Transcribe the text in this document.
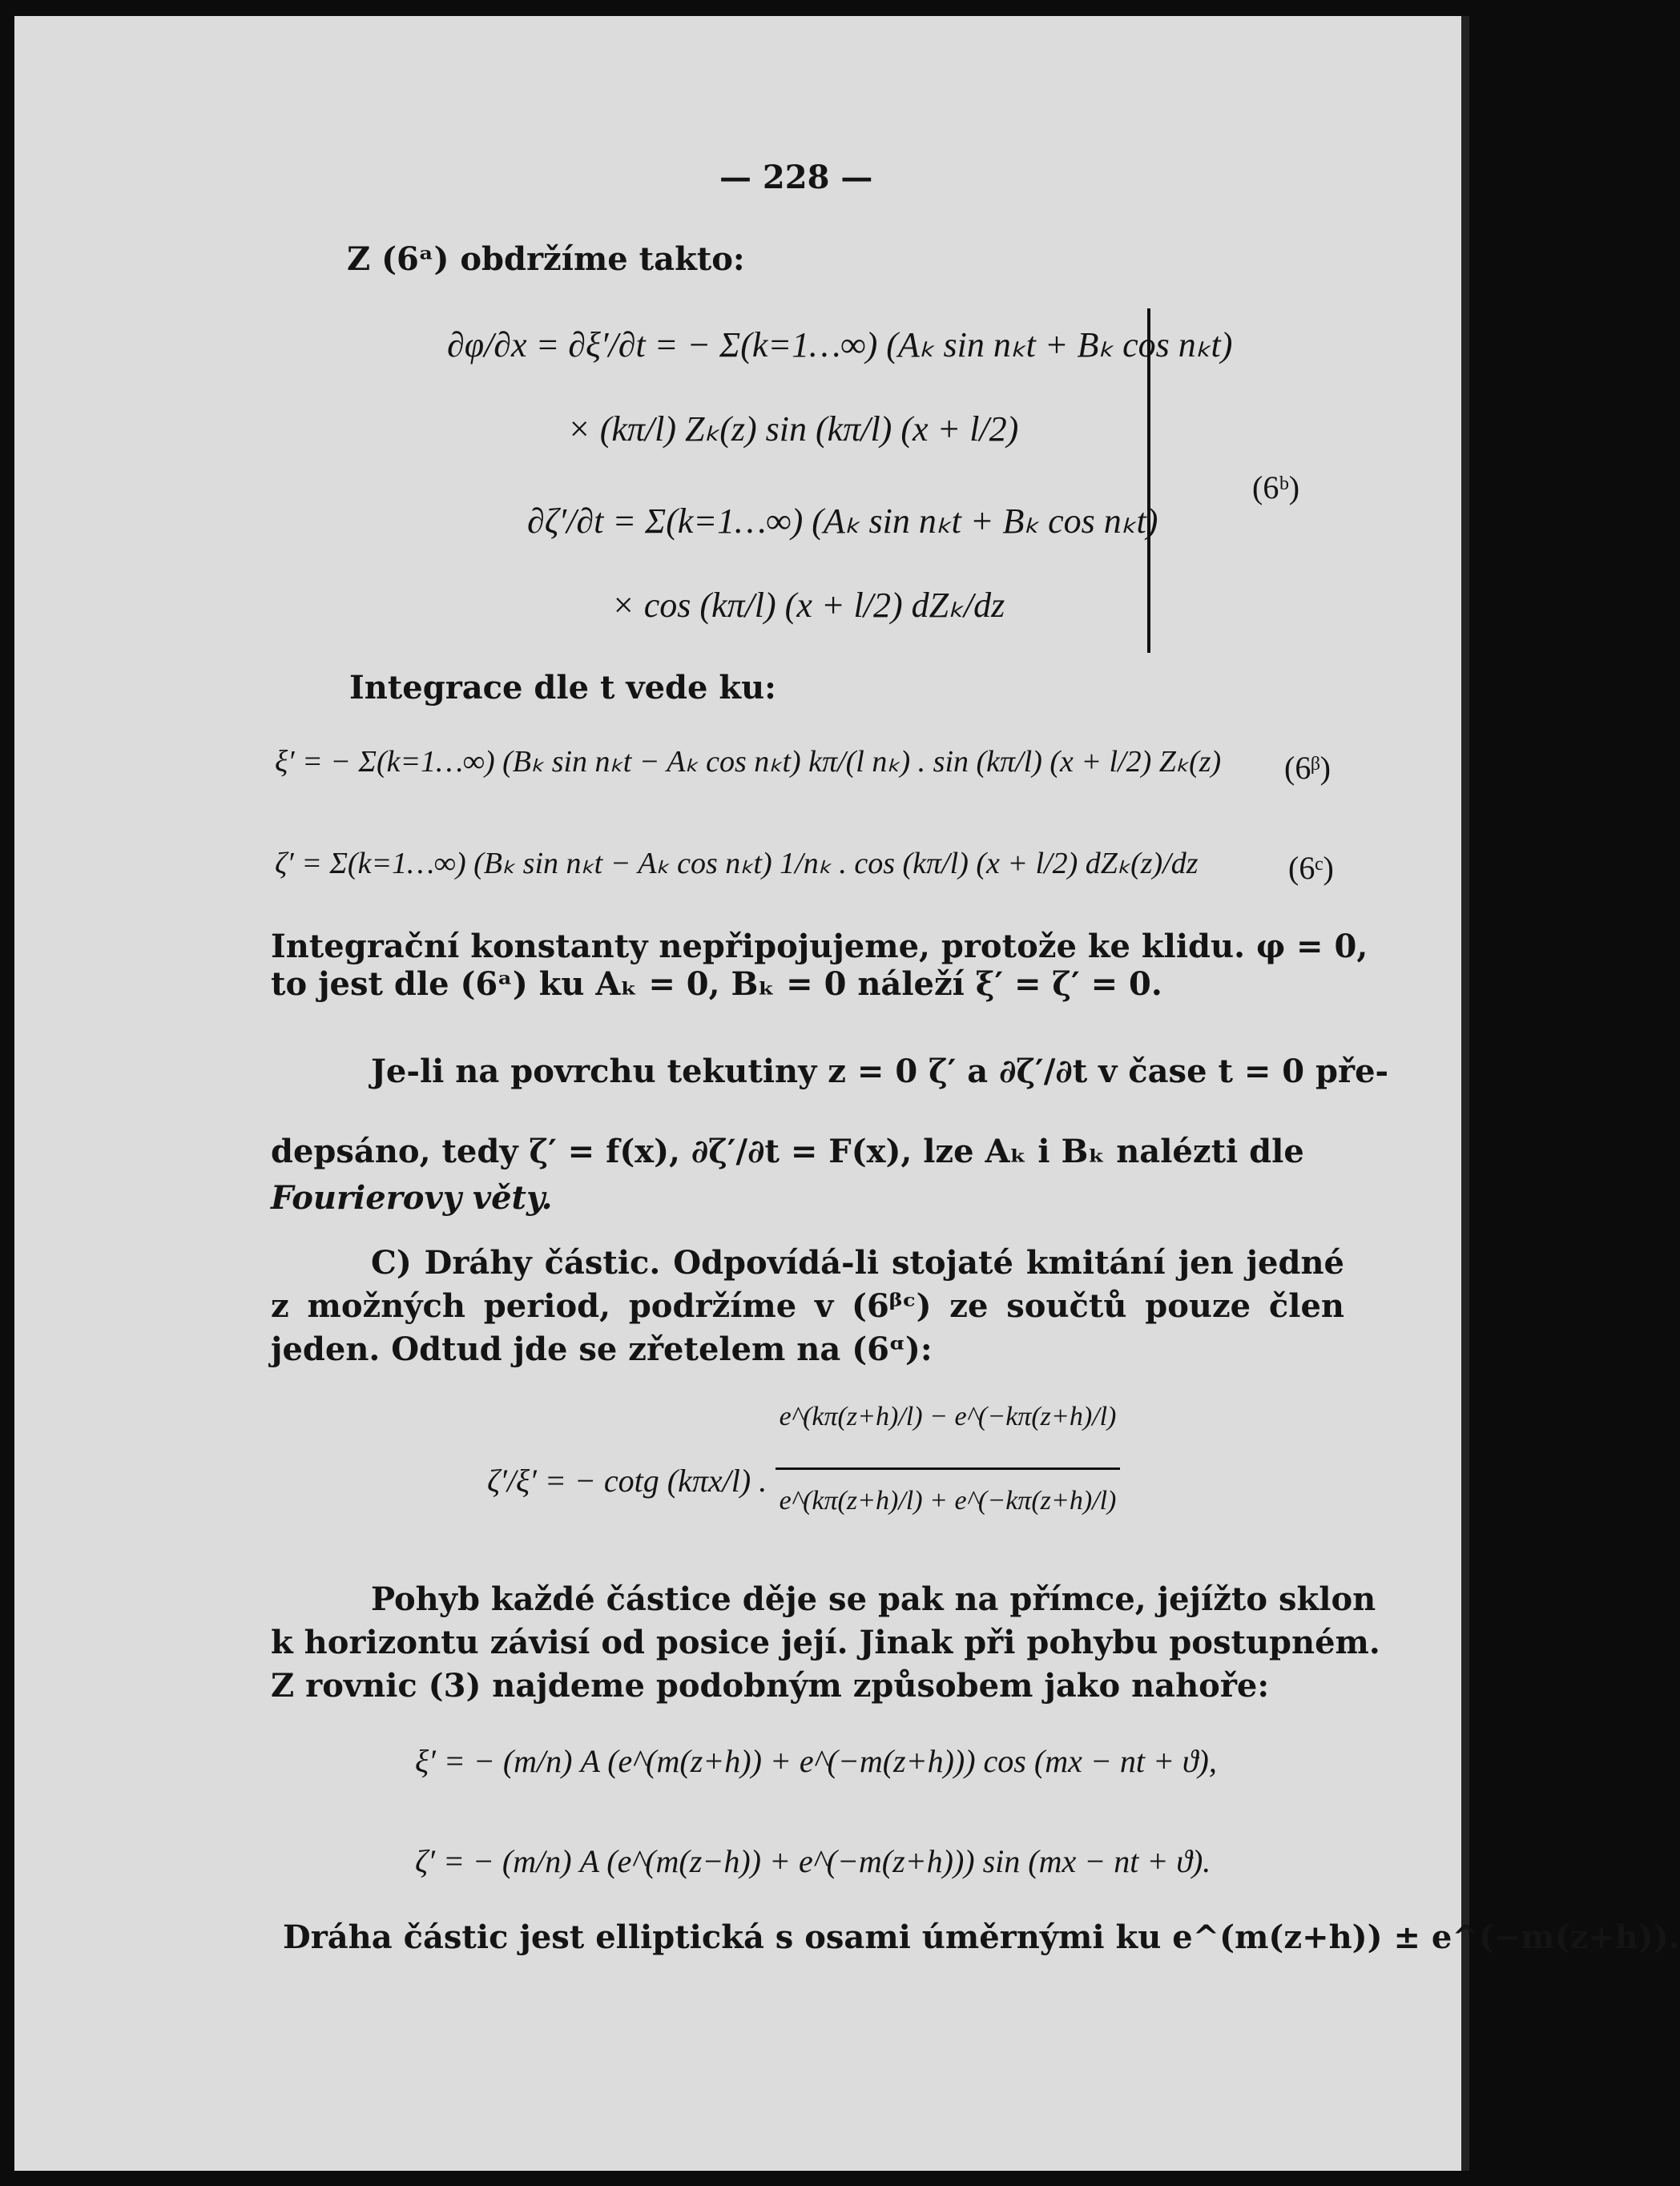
— 228 —
Z (6ᵃ) obdržíme takto:
∂φ/∂x = ∂ξ′/∂t = − Σ(k=1…∞) (Aₖ sin nₖt + Bₖ cos nₖt)
× (kπ/l) Zₖ(z) sin (kπ/l) (x + l/2)
∂ζ′/∂t = Σ(k=1…∞) (Aₖ sin nₖt + Bₖ cos nₖt)
× cos (kπ/l) (x + l/2) dZₖ/dz
(6ᵇ)
Integrace dle t vede ku:
ξ′ = − Σ(k=1…∞) (Bₖ sin nₖt − Aₖ cos nₖt) kπ/(l nₖ) . sin (kπ/l) (x + l/2) Zₖ(z) (6ᵝ)
ζ′ = Σ(k=1…∞) (Bₖ sin nₖt − Aₖ cos nₖt) 1/nₖ . cos (kπ/l) (x + l/2) dZₖ(z)/dz	(6ᶜ)
Integrační konstanty nepřipojujeme, protože ke klidu. φ = 0,
to jest dle (6ᵃ) ku Aₖ = 0, Bₖ = 0 náleží ξ′ = ζ′ = 0.
Je-li na povrchu tekutiny z = 0 ζ′ a ∂ζ′/∂t v čase t = 0 pře-
depsáno, tedy ζ′ = f(x), ∂ζ′/∂t = F(x), lze Aₖ i Bₖ nalézti dle
Fourierovy věty.
C) Dráhy částic. Odpovídá-li stojaté kmitání jen jedné
z možných period, podržíme v (6ᵝᶜ) ze součtů pouze člen
jeden. Odtud jde se zřetelem na (6ᵅ):
ζ′/ξ′ = − cotg (kπx/l) .
e^(kπ(z+h)/l) − e^(−kπ(z+h)/l)
e^(kπ(z+h)/l) + e^(−kπ(z+h)/l)
Pohyb každé částice děje se pak na přímce, jejížto sklon
k horizontu závisí od posice její. Jinak při pohybu postupném.
Z rovnic (3) najdeme podobným způsobem jako nahoře:
ξ′ = − (m/n) A (e^(m(z+h)) + e^(−m(z+h))) cos (mx − nt + ϑ),
ζ′ = − (m/n) A (e^(m(z−h)) + e^(−m(z+h))) sin (mx − nt + ϑ).
Dráha částic jest elliptická s osami úměrnými ku e^(m(z+h)) ± e^(−m(z+h)).
